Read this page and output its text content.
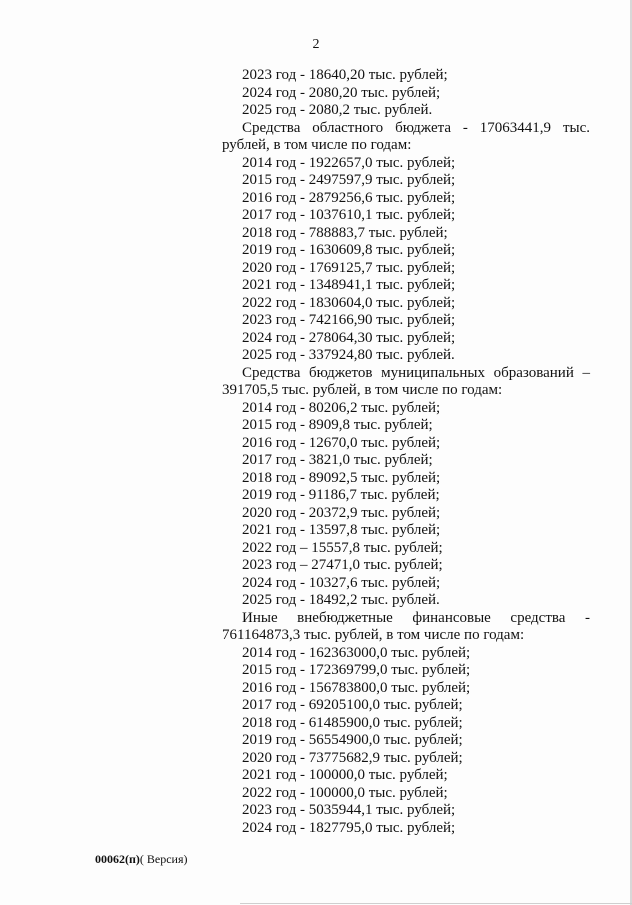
2
2023 год - 18640,20 тыс. рублей;
2024 год - 2080,20 тыс. рублей;
2025 год - 2080,2 тыс. рублей.

Средства областного бюджета - 17063441,9 тыс.
рублей, в том числе по годам:

2014 год - 1922657,0 тыс. рублей;
2015 год - 2497597,9 тыс. рублей;
2016 год - 2879256,6 тыс. рублей;
2017 год - 1037610,1 тыс. рублей;
2018 год - 788883,7 тыс. рублей;
2019 год - 1630609,8 тыс. рублей;
2020 год - 1769125,7 тыс. рублей;
2021 год - 1348941,1 тыс. рублей;
2022 год - 1830604,0 тыс. рублей;
2023 год - 742166,90 тыс. рублей;
2024 год - 278064,30 тыс. рублей;
2025 год - 337924,80 тыс. рублей.

Средства бюджетов муниципальных образований –
391705,5 тыс. рублей, в том числе по годам:

2014 год - 80206,2 тыс. рублей;
2015 год - 8909,8 тыс. рублей;
2016 год - 12670,0 тыс. рублей;
2017 год - 3821,0 тыс. рублей;
2018 год - 89092,5 тыс. рублей;
2019 год - 91186,7 тыс. рублей;
2020 год - 20372,9 тыс. рублей;
2021 год - 13597,8 тыс. рублей;
2022 год – 15557,8 тыс. рублей;
2023 год – 27471,0 тыс. рублей;
2024 год - 10327,6 тыс. рублей;
2025 год - 18492,2 тыс. рублей.

Иные внебюджетные финансовые средства -
761164873,3 тыс. рублей, в том числе по годам:

2014 год - 162363000,0 тыс. рублей;
2015 год - 172369799,0 тыс. рублей;
2016 год - 156783800,0 тыс. рублей;
2017 год - 69205100,0 тыс. рублей;
2018 год - 61485900,0 тыс. рублей;
2019 год - 56554900,0 тыс. рублей;
2020 год - 73775682,9 тыс. рублей;
2021 год - 100000,0 тыс. рублей;
2022 год - 100000,0 тыс. рублей;
2023 год - 5035944,1 тыс. рублей;
2024 год - 1827795,0 тыс. рублей;
00062(п)( Версия)
